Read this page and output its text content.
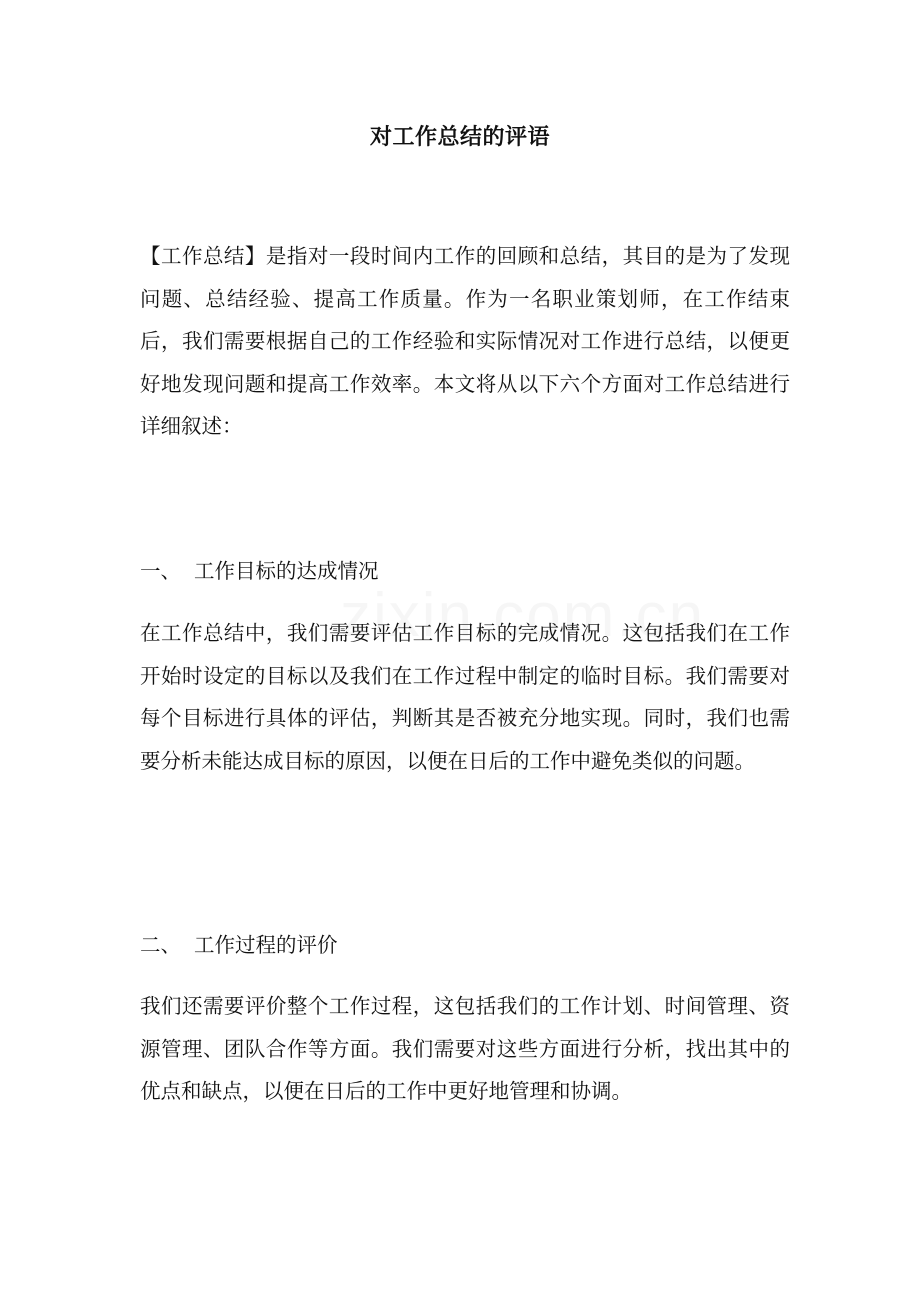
对工作总结的评语

【工作总结】是指对一段时间内工作的回顾和总结，其目的是为了发现问题、总结经验、提高工作质量。作为一名职业策划师，在工作结束后，我们需要根据自己的工作经验和实际情况对工作进行总结，以便更好地发现问题和提高工作效率。本文将从以下六个方面对工作总结进行详细叙述：

一、 工作目标的达成情况

在工作总结中，我们需要评估工作目标的完成情况。这包括我们在工作开始时设定的目标以及我们在工作过程中制定的临时目标。我们需要对每个目标进行具体的评估，判断其是否被充分地实现。同时，我们也需要分析未能达成目标的原因，以便在日后的工作中避免类似的问题。

二、 工作过程的评价

我们还需要评价整个工作过程，这包括我们的工作计划、时间管理、资源管理、团队合作等方面。我们需要对这些方面进行分析，找出其中的优点和缺点，以便在日后的工作中更好地管理和协调。
